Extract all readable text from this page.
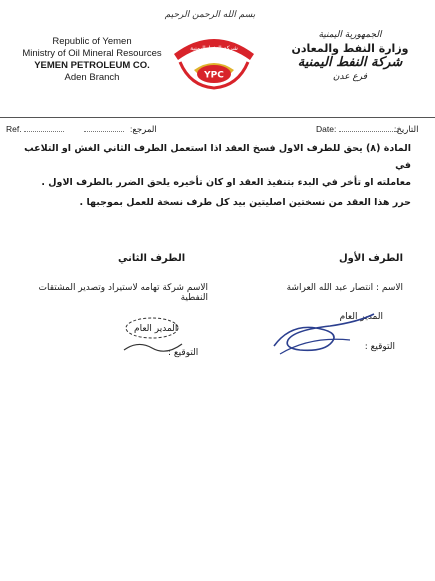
بسم الله الرحمن الرحيم
Republic of Yemen
Ministry of Oil Mineral Resources
YEMEN PETROLEUM CO.
Aden Branch
الجمهورية اليمنية
وزارة النفط والمعادن
شركة النفط اليمنية
فرع عدن
شركة النفط اليمنية
YPC
Ref.	المرجع:	Date:	التاريخ:
المادة (٨) يحق للطرف الاول فسخ العقد اذا استعمل الطرف الثاني الغش او التلاعب في
معاملته او تأخر في البدء بتنفيذ العقد او كان تأخيره يلحق الضرر بالطرف الاول .
حرر هذا العقد من نسختين اصليتين بيد كل طرف نسخة للعمل بموجبها .
الطرف الأول
الاسم : انتصار عبد الله العراشة
المدير العام
التوقيع :
الطرف الثاني
الاسم شركة تهامه لاستيراد وتصدير المشتقات النفطية
المدير العام
التوقيع :
